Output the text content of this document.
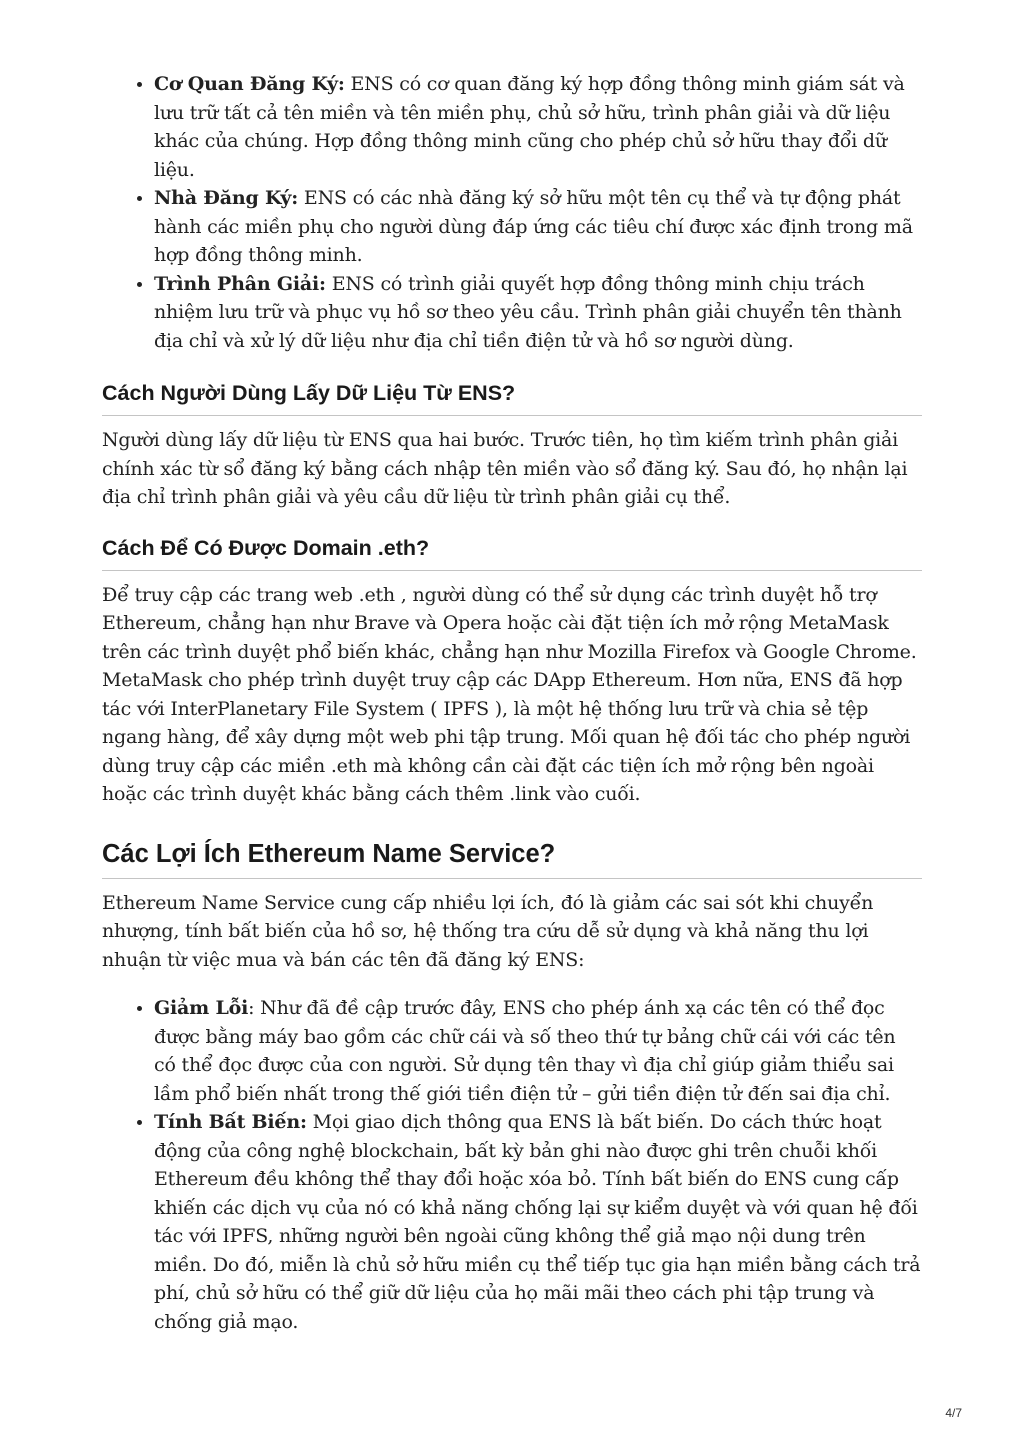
• Cơ Quan Đăng Ký: ENS có cơ quan đăng ký hợp đồng thông minh giám sát và lưu trữ tất cả tên miền và tên miền phụ, chủ sở hữu, trình phân giải và dữ liệu khác của chúng. Hợp đồng thông minh cũng cho phép chủ sở hữu thay đổi dữ liệu.
• Nhà Đăng Ký: ENS có các nhà đăng ký sở hữu một tên cụ thể và tự động phát hành các miền phụ cho người dùng đáp ứng các tiêu chí được xác định trong mã hợp đồng thông minh.
• Trình Phân Giải: ENS có trình giải quyết hợp đồng thông minh chịu trách nhiệm lưu trữ và phục vụ hồ sơ theo yêu cầu. Trình phân giải chuyển tên thành địa chỉ và xử lý dữ liệu như địa chỉ tiền điện tử và hồ sơ người dùng.
Cách Người Dùng Lấy Dữ Liệu Từ ENS?

Người dùng lấy dữ liệu từ ENS qua hai bước. Trước tiên, họ tìm kiếm trình phân giải chính xác từ sổ đăng ký bằng cách nhập tên miền vào sổ đăng ký. Sau đó, họ nhận lại địa chỉ trình phân giải và yêu cầu dữ liệu từ trình phân giải cụ thể.

Cách Để Có Được Domain .eth?

Để truy cập các trang web .eth , người dùng có thể sử dụng các trình duyệt hỗ trợ Ethereum, chẳng hạn như Brave và Opera hoặc cài đặt tiện ích mở rộng MetaMask trên các trình duyệt phổ biến khác, chẳng hạn như Mozilla Firefox và Google Chrome. MetaMask cho phép trình duyệt truy cập các DApp Ethereum. Hơn nữa, ENS đã hợp tác với InterPlanetary File System ( IPFS ), là một hệ thống lưu trữ và chia sẻ tệp ngang hàng, để xây dựng một web phi tập trung. Mối quan hệ đối tác cho phép người dùng truy cập các miền .eth mà không cần cài đặt các tiện ích mở rộng bên ngoài hoặc các trình duyệt khác bằng cách thêm .link vào cuối.

Các Lợi Ích Ethereum Name Service?

Ethereum Name Service cung cấp nhiều lợi ích, đó là giảm các sai sót khi chuyển nhượng, tính bất biến của hồ sơ, hệ thống tra cứu dễ sử dụng và khả năng thu lợi nhuận từ việc mua và bán các tên đã đăng ký ENS:

• Giảm Lỗi: Như đã đề cập trước đây, ENS cho phép ánh xạ các tên có thể đọc được bằng máy bao gồm các chữ cái và số theo thứ tự bảng chữ cái với các tên có thể đọc được của con người. Sử dụng tên thay vì địa chỉ giúp giảm thiểu sai lầm phổ biến nhất trong thế giới tiền điện tử – gửi tiền điện tử đến sai địa chỉ.
• Tính Bất Biến: Mọi giao dịch thông qua ENS là bất biến. Do cách thức hoạt động của công nghệ blockchain, bất kỳ bản ghi nào được ghi trên chuỗi khối Ethereum đều không thể thay đổi hoặc xóa bỏ. Tính bất biến do ENS cung cấp khiến các dịch vụ của nó có khả năng chống lại sự kiểm duyệt và với quan hệ đối tác với IPFS, những người bên ngoài cũng không thể giả mạo nội dung trên miền. Do đó, miễn là chủ sở hữu miền cụ thể tiếp tục gia hạn miền bằng cách trả phí, chủ sở hữu có thể giữ dữ liệu của họ mãi mãi theo cách phi tập trung và chống giả mạo.
4/7
